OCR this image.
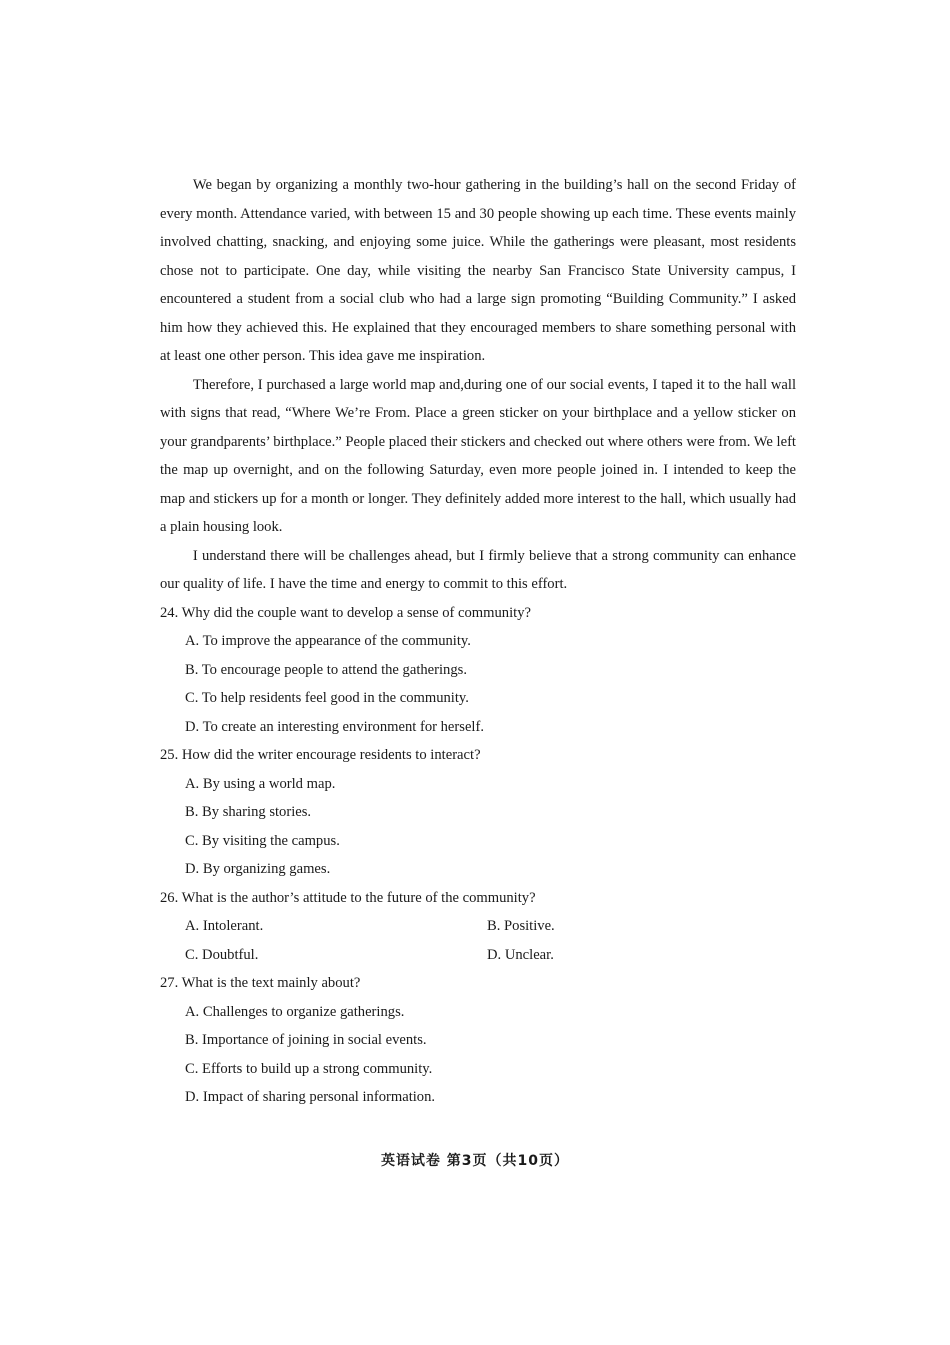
We began by organizing a monthly two-hour gathering in the building’s hall on the second Friday of every month. Attendance varied, with between 15 and 30 people showing up each time. These events mainly involved chatting, snacking, and enjoying some juice. While the gatherings were pleasant, most residents chose not to participate. One day, while visiting the nearby San Francisco State University campus, I encountered a student from a social club who had a large sign promoting “Building Community.” I asked him how they achieved this. He explained that they encouraged members to share something personal with at least one other person. This idea gave me inspiration.

Therefore, I purchased a large world map and,during one of our social events, I taped it to the hall wall with signs that read, “Where We’re From. Place a green sticker on your birthplace and a yellow sticker on your grandparents’ birthplace.” People placed their stickers and checked out where others were from. We left the map up overnight, and on the following Saturday, even more people joined in. I intended to keep the map and stickers up for a month or longer. They definitely added more interest to the hall, which usually had a plain housing look.

I understand there will be challenges ahead, but I firmly believe that a strong community can enhance our quality of life. I have the time and energy to commit to this effort.

24. Why did the couple want to develop a sense of community?

A. To improve the appearance of the community.

B. To encourage people to attend the gatherings.

C. To help residents feel good in the community.

D. To create an interesting environment for herself.

25. How did the writer encourage residents to interact?

A. By using a world map.

B. By sharing stories.

C. By visiting the campus.

D. By organizing games.

26. What is the author’s attitude to the future of the community?

A. Intolerant.	B. Positive.

C. Doubtful.	D. Unclear.

27. What is the text mainly about?

A. Challenges to organize gatherings.

B. Importance of joining in social events.

C. Efforts to build up a strong community.

D. Impact of sharing personal information.

英语试卷 第3页（共10页）
